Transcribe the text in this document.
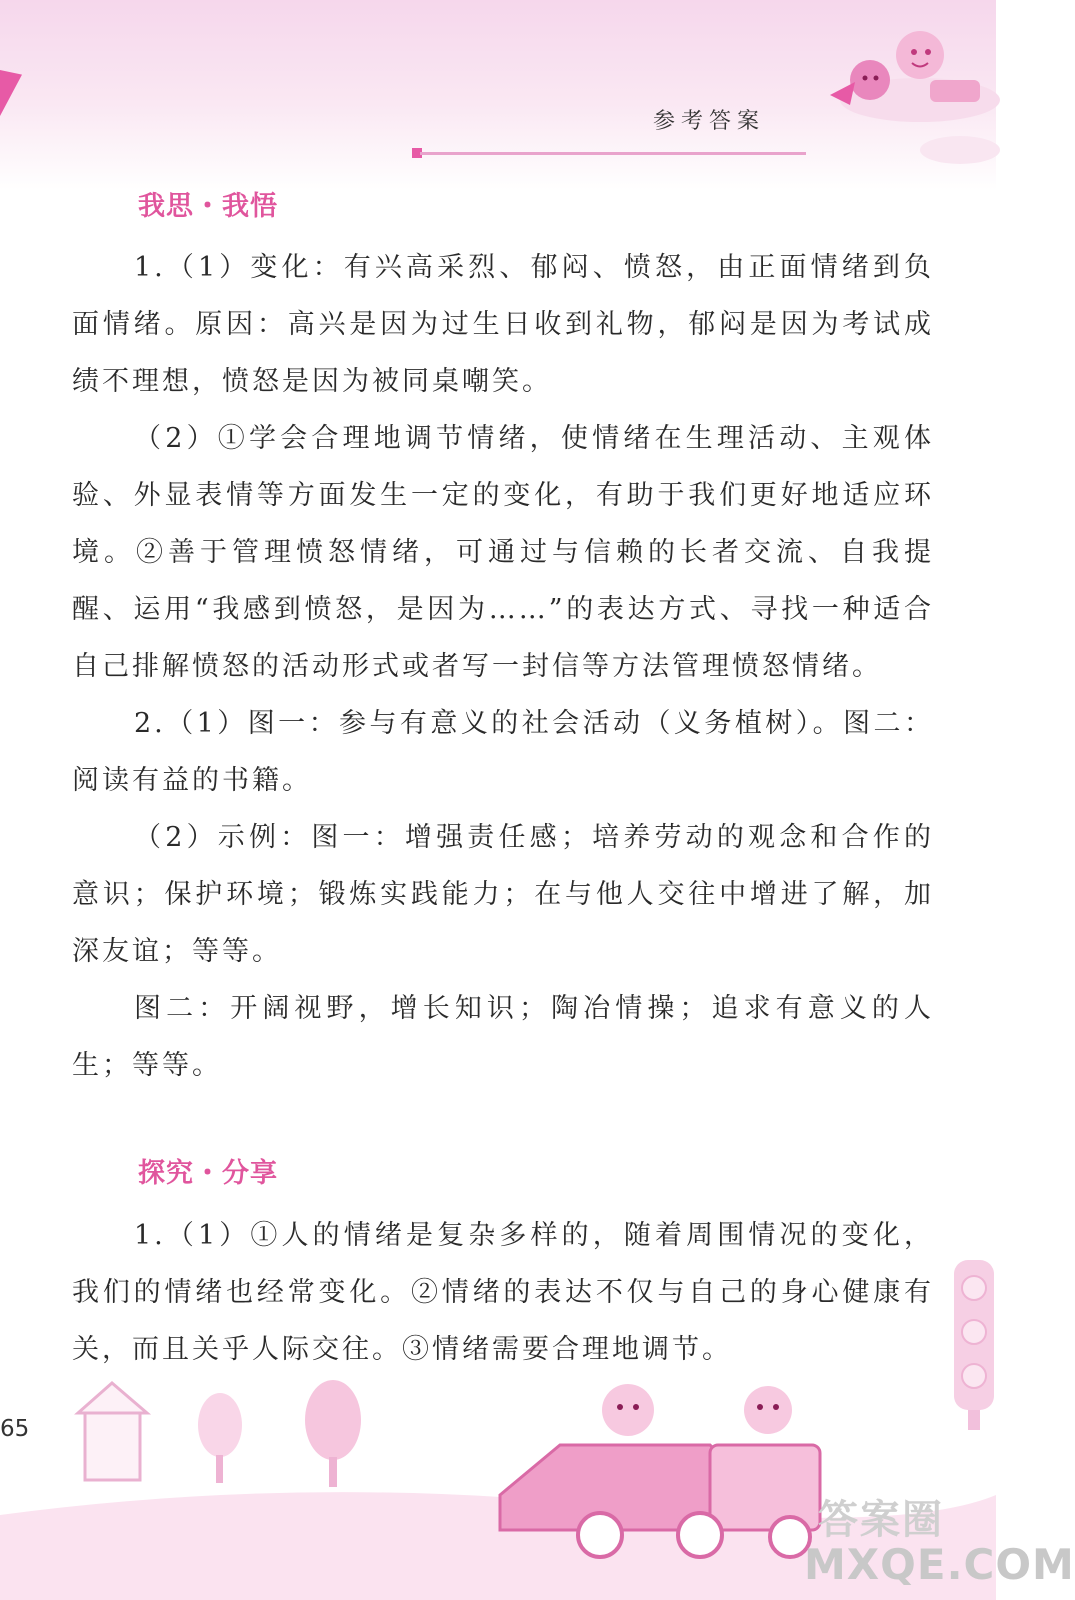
参考答案
我思・我悟

1.（1）变化：有兴高采烈、郁闷、愤怒，由正面情绪到负面情绪。原因：高兴是因为过生日收到礼物，郁闷是因为考试成绩不理想，愤怒是因为被同桌嘲笑。

（2）①学会合理地调节情绪，使情绪在生理活动、主观体验、外显表情等方面发生一定的变化，有助于我们更好地适应环境。②善于管理愤怒情绪，可通过与信赖的长者交流、自我提醒、运用“我感到愤怒，是因为……”的表达方式、寻找一种适合自己排解愤怒的活动形式或者写一封信等方法管理愤怒情绪。

2.（1）图一：参与有意义的社会活动（义务植树）。图二：阅读有益的书籍。

（2）示例：图一：增强责任感；培养劳动的观念和合作的意识；保护环境；锻炼实践能力；在与他人交往中增进了解，加深友谊；等等。

图二：开阔视野，增长知识；陶冶情操；追求有意义的人生；等等。

探究・分享

1.（1）①人的情绪是复杂多样的，随着周围情况的变化，我们的情绪也经常变化。②情绪的表达不仅与自己的身心健康有关，而且关乎人际交往。③情绪需要合理地调节。

65
答案圈
MXQE.COM
